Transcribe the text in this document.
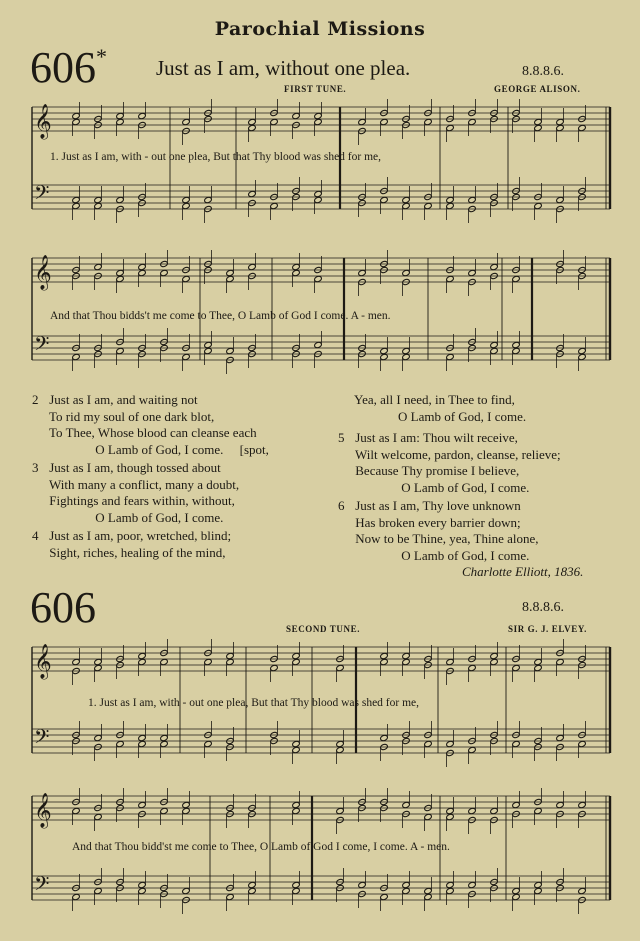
Parochial Missions
606* Just as I am, without one plea.	8.8.8.6.
FIRST TUNE.	GEORGE ALISON.
𝄞
𝄢
1. Just as I am, with - out one plea, But that Thy blood was shed for me,
𝄞
𝄢
And that Thou bidds't me come to Thee, O Lamb of God I come. A - men.
2 Just as I am, and waiting not
To rid my soul of one dark blot,
To Thee, Whose blood can cleanse each
O Lamb of God, I come. [spot,
3 Just as I am, though tossed about
With many a conflict, many a doubt,
Fightings and fears within, without,
O Lamb of God, I come.
4 Just as I am, poor, wretched, blind;
Sight, riches, healing of the mind,
Yea, all I need, in Thee to find,
O Lamb of God, I come.
5 Just as I am: Thou wilt receive,
Wilt welcome, pardon, cleanse, relieve;
Because Thy promise I believe,
O Lamb of God, I come.
6 Just as I am, Thy love unknown
Has broken every barrier down;
Now to be Thine, yea, Thine alone,
O Lamb of God, I come.
Charlotte Elliott, 1836.
606	8.8.8.6.
SECOND TUNE.	SIR G. J. ELVEY.
𝄞
𝄢
1. Just as I am, with - out one plea, But that Thy blood was shed for me,
𝄞
𝄢
And that Thou bidd'st me come to Thee, O Lamb of God I come, I come. A - men.
